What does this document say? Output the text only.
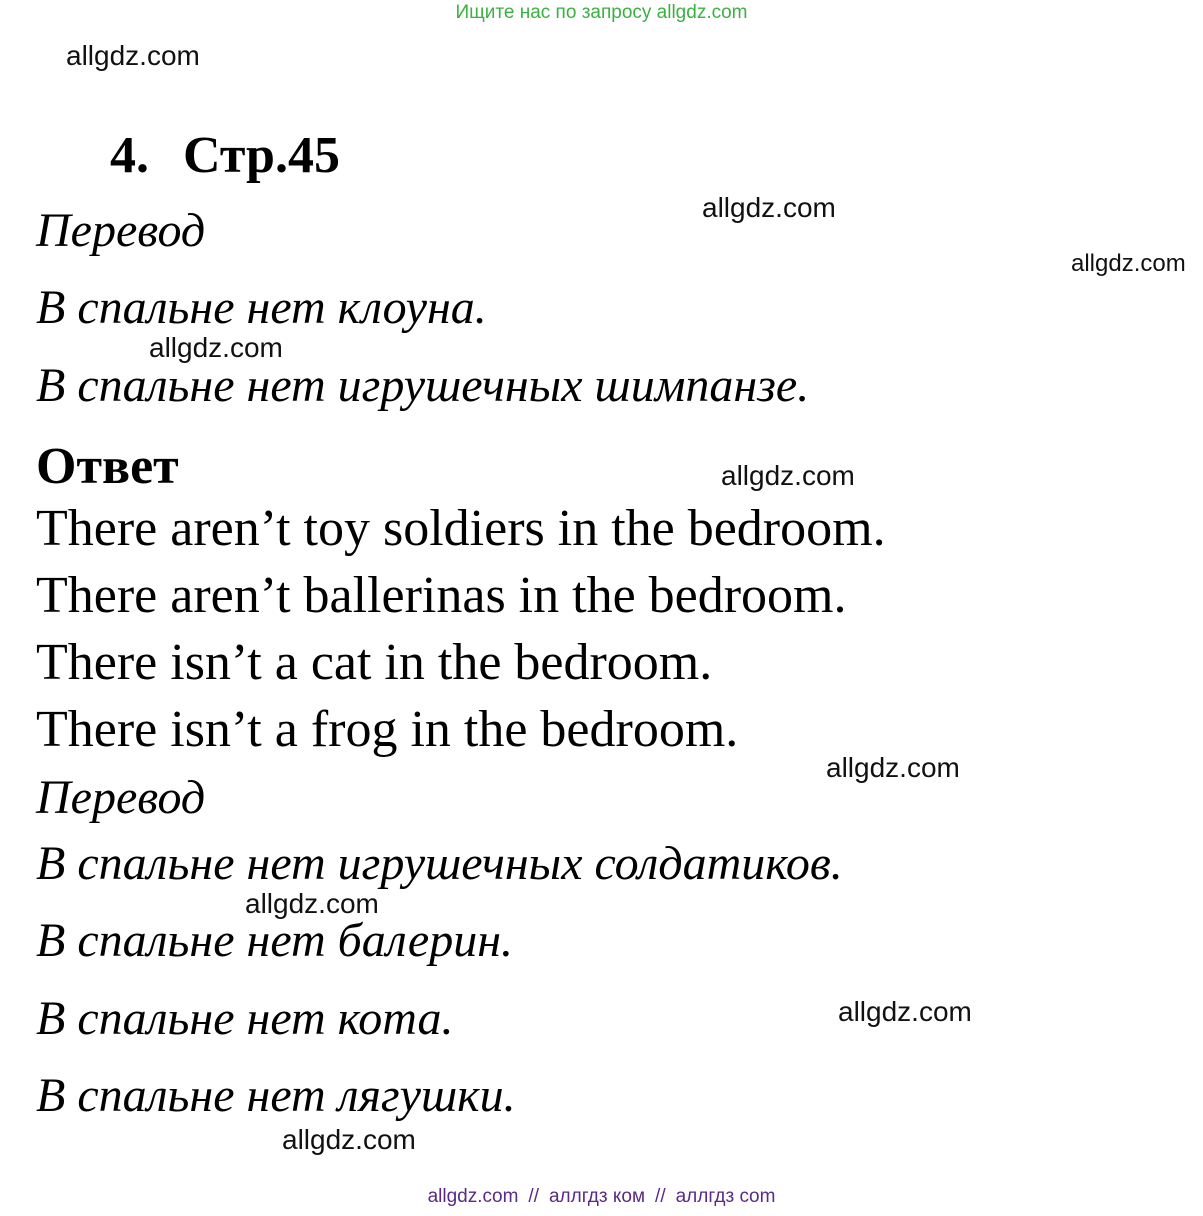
Ищите нас по запросу allgdz.com
allgdz.com
4. Стр.45
allgdz.com
allgdz.com
Перевод
В спальне нет клоуна.
allgdz.com
В спальне нет игрушечных шимпанзе.
Ответ	allgdz.com
There aren’t toy soldiers in the bedroom.
There aren’t ballerinas in the bedroom.
There isn’t a cat in the bedroom.
There isn’t a frog in the bedroom.
allgdz.com
Перевод
В спальне нет игрушечных солдатиков.
allgdz.com
В спальне нет балерин.
allgdz.com
В спальне нет кота.
В спальне нет лягушки.
allgdz.com
allgdz.com // аллгдз ком // аллгдз com
